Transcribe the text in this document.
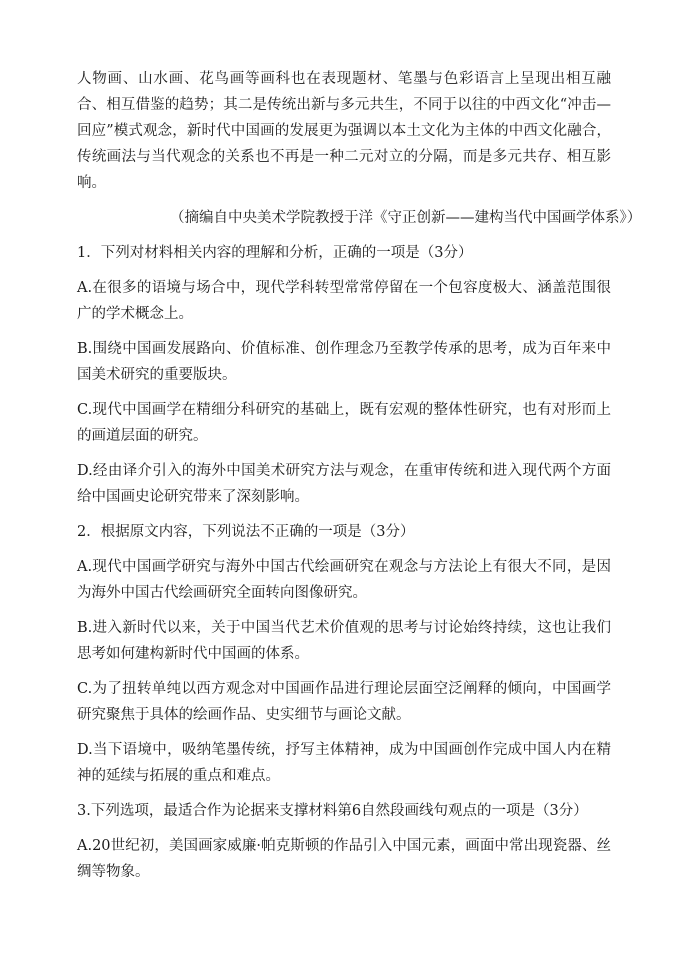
人物画、山水画、花鸟画等画科也在表现题材、笔墨与色彩语言上呈现出相互融合、相互借鉴的趋势；其二是传统出新与多元共生，不同于以往的中西文化“冲击—回应”模式观念，新时代中国画的发展更为强调以本土文化为主体的中西文化融合，传统画法与当代观念的关系也不再是一种二元对立的分隔，而是多元共存、相互影响。

（摘编自中央美术学院教授于洋《守正创新——建构当代中国画学体系》）

1．下列对材料相关内容的理解和分析，正确的一项是（3分）

A.在很多的语境与场合中，现代学科转型常常停留在一个包容度极大、涵盖范围很广的学术概念上。

B.围绕中国画发展路向、价值标准、创作理念乃至教学传承的思考，成为百年来中国美术研究的重要版块。

C.现代中国画学在精细分科研究的基础上，既有宏观的整体性研究，也有对形而上的画道层面的研究。

D.经由译介引入的海外中国美术研究方法与观念，在重审传统和进入现代两个方面给中国画史论研究带来了深刻影响。

2．根据原文内容，下列说法不正确的一项是（3分）

A.现代中国画学研究与海外中国古代绘画研究在观念与方法论上有很大不同，是因为海外中国古代绘画研究全面转向图像研究。

B.进入新时代以来，关于中国当代艺术价值观的思考与讨论始终持续，这也让我们思考如何建构新时代中国画的体系。

C.为了扭转单纯以西方观念对中国画作品进行理论层面空泛阐释的倾向，中国画学研究聚焦于具体的绘画作品、史实细节与画论文献。

D.当下语境中，吸纳笔墨传统，抒写主体精神，成为中国画创作完成中国人内在精神的延续与拓展的重点和难点。

3.下列选项，最适合作为论据来支撑材料第6自然段画线句观点的一项是（3分）

A.20世纪初，美国画家威廉·帕克斯顿的作品引入中国元素，画面中常出现瓷器、丝绸等物象。
